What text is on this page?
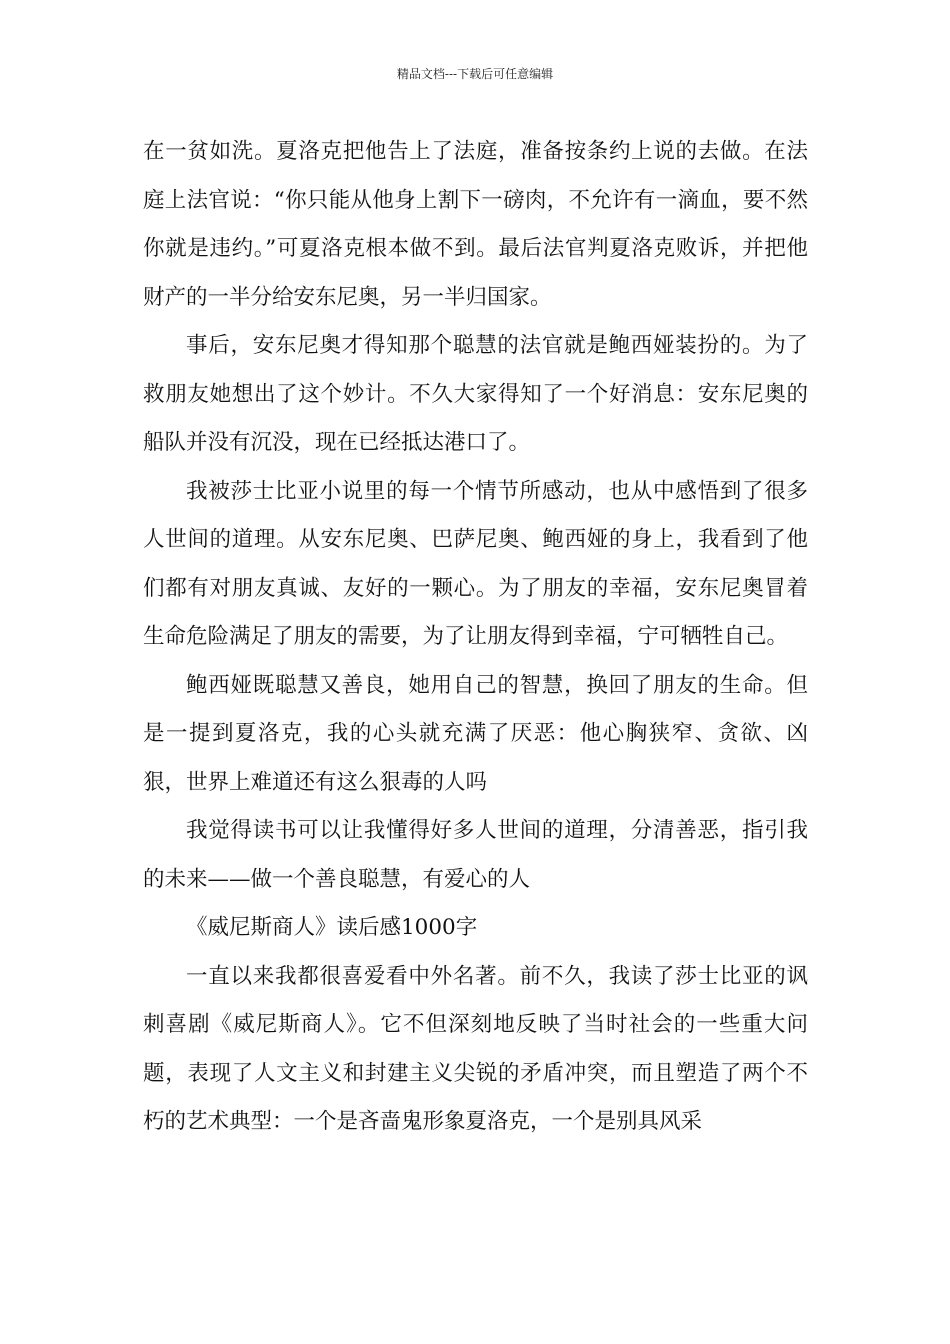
精品文档---下载后可任意编辑

在一贫如洗。夏洛克把他告上了法庭，准备按条约上说的去做。在法庭上法官说：“你只能从他身上割下一磅肉，不允许有一滴血，要不然你就是违约。”可夏洛克根本做不到。最后法官判夏洛克败诉，并把他财产的一半分给安东尼奥，另一半归国家。

事后，安东尼奥才得知那个聪慧的法官就是鲍西娅装扮的。为了救朋友她想出了这个妙计。不久大家得知了一个好消息：安东尼奥的船队并没有沉没，现在已经抵达港口了。

我被莎士比亚小说里的每一个情节所感动，也从中感悟到了很多人世间的道理。从安东尼奥、巴萨尼奥、鲍西娅的身上，我看到了他们都有对朋友真诚、友好的一颗心。为了朋友的幸福，安东尼奥冒着生命危险满足了朋友的需要，为了让朋友得到幸福，宁可牺牲自己。

鲍西娅既聪慧又善良，她用自己的智慧，换回了朋友的生命。但是一提到夏洛克，我的心头就充满了厌恶：他心胸狭窄、贪欲、凶狠，世界上难道还有这么狠毒的人吗

我觉得读书可以让我懂得好多人世间的道理，分清善恶，指引我的未来——做一个善良聪慧，有爱心的人

《威尼斯商人》读后感1000字

一直以来我都很喜爱看中外名著。前不久，我读了莎士比亚的讽刺喜剧《威尼斯商人》。它不但深刻地反映了当时社会的一些重大问题，表现了人文主义和封建主义尖锐的矛盾冲突，而且塑造了两个不朽的艺术典型：一个是吝啬鬼形象夏洛克，一个是别具风采
